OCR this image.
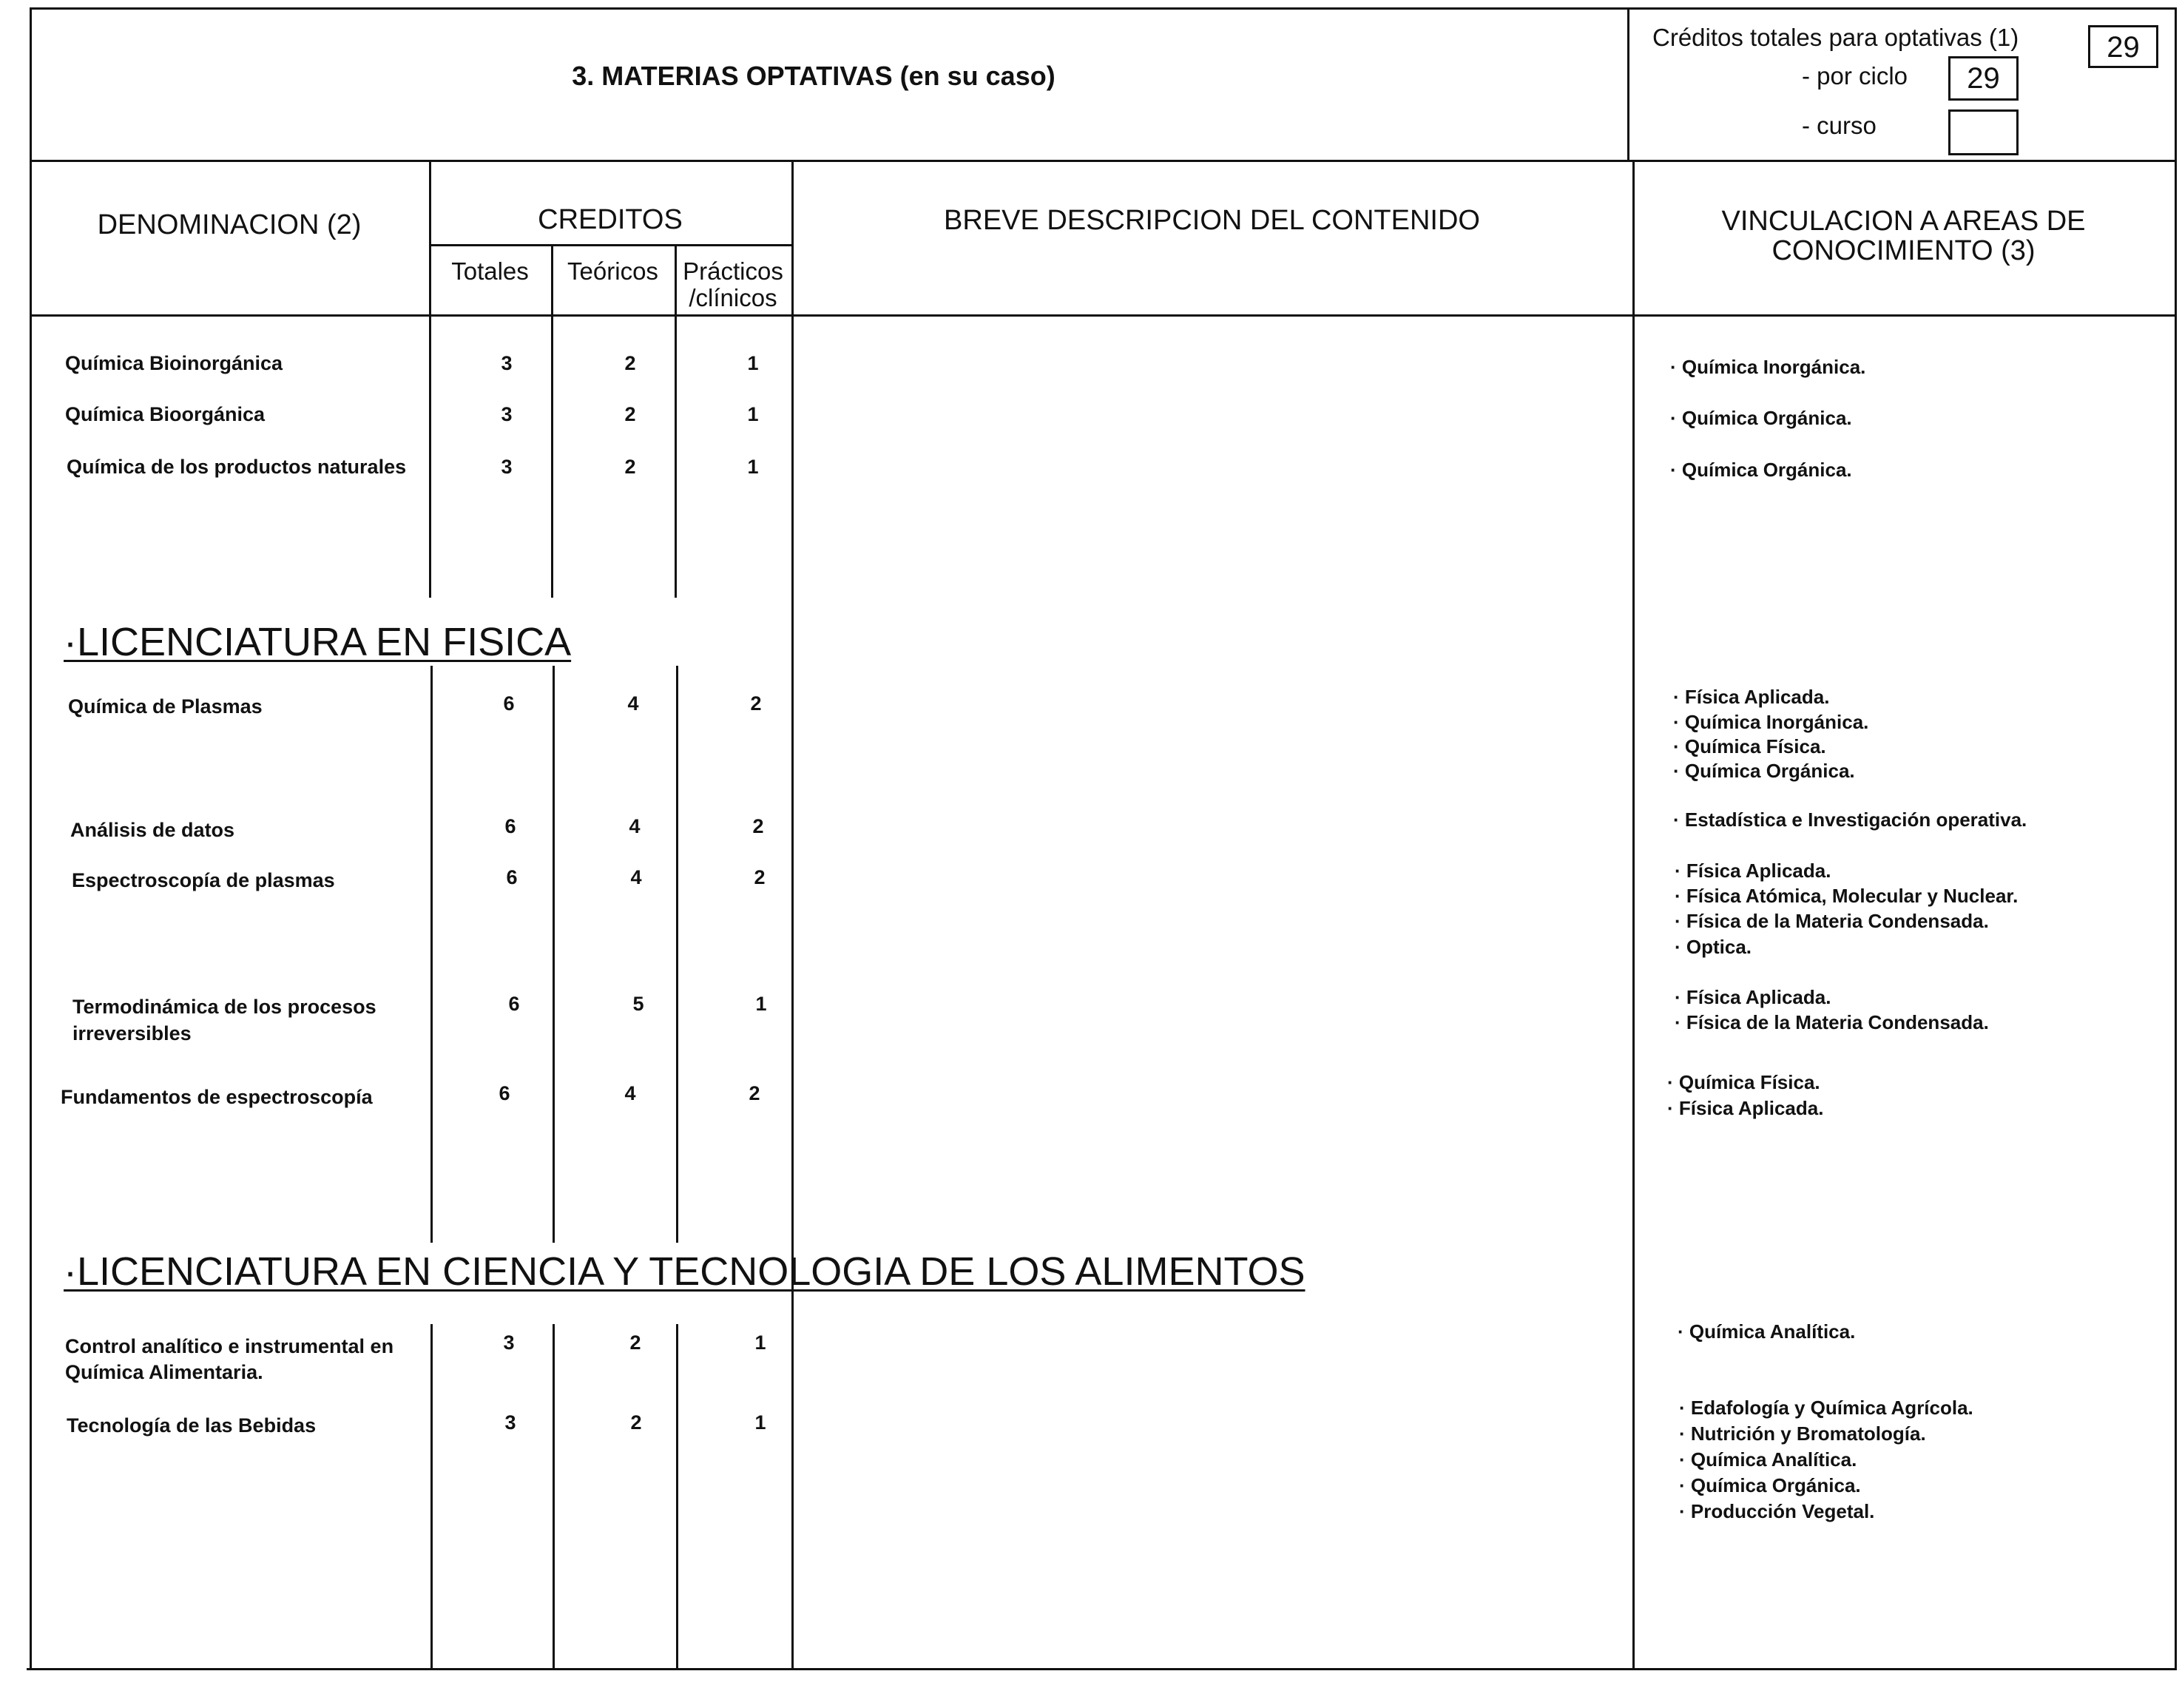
3. MATERIAS OPTATIVAS (en su caso)
Créditos totales para optativas (1)	29
- por ciclo	29
- curso
DENOMINACION (2)	CREDITOS
Totales	Teóricos	Prácticos
/clínicos
BREVE DESCRIPCION DEL CONTENIDO	VINCULACION A AREAS DE
CONOCIMIENTO (3)
Química Bioinorgánica	3	2	1	· Química Inorgánica.
Química Bioorgánica	3	2	1	· Química Orgánica.
Química de los productos naturales	3	2	1	· Química Orgánica.
·LICENCIATURA EN FISICA
Química de Plasmas	6	4	2	· Física Aplicada.
· Química Inorgánica.
· Química Física.
· Química Orgánica.
Análisis de datos	6	4	2	· Estadística e Investigación operativa.
Espectroscopía de plasmas	6	4	2	· Física Aplicada.
· Física Atómica, Molecular y Nuclear.
· Física de la Materia Condensada.
· Optica.
Termodinámica de los procesos
irreversibles
6	5	1	· Física Aplicada.
· Física de la Materia Condensada.
Fundamentos de espectroscopía	6	4	2	· Química Física.
· Física Aplicada.
·LICENCIATURA EN CIENCIA Y TECNOLOGIA DE LOS ALIMENTOS
Control analítico e instrumental en
Química Alimentaria.
3	2	1	· Química Analítica.
Tecnología de las Bebidas	3	2	1
· Edafología y Química Agrícola.
· Nutrición y Bromatología.
· Química Analítica.
· Química Orgánica.
· Producción Vegetal.
